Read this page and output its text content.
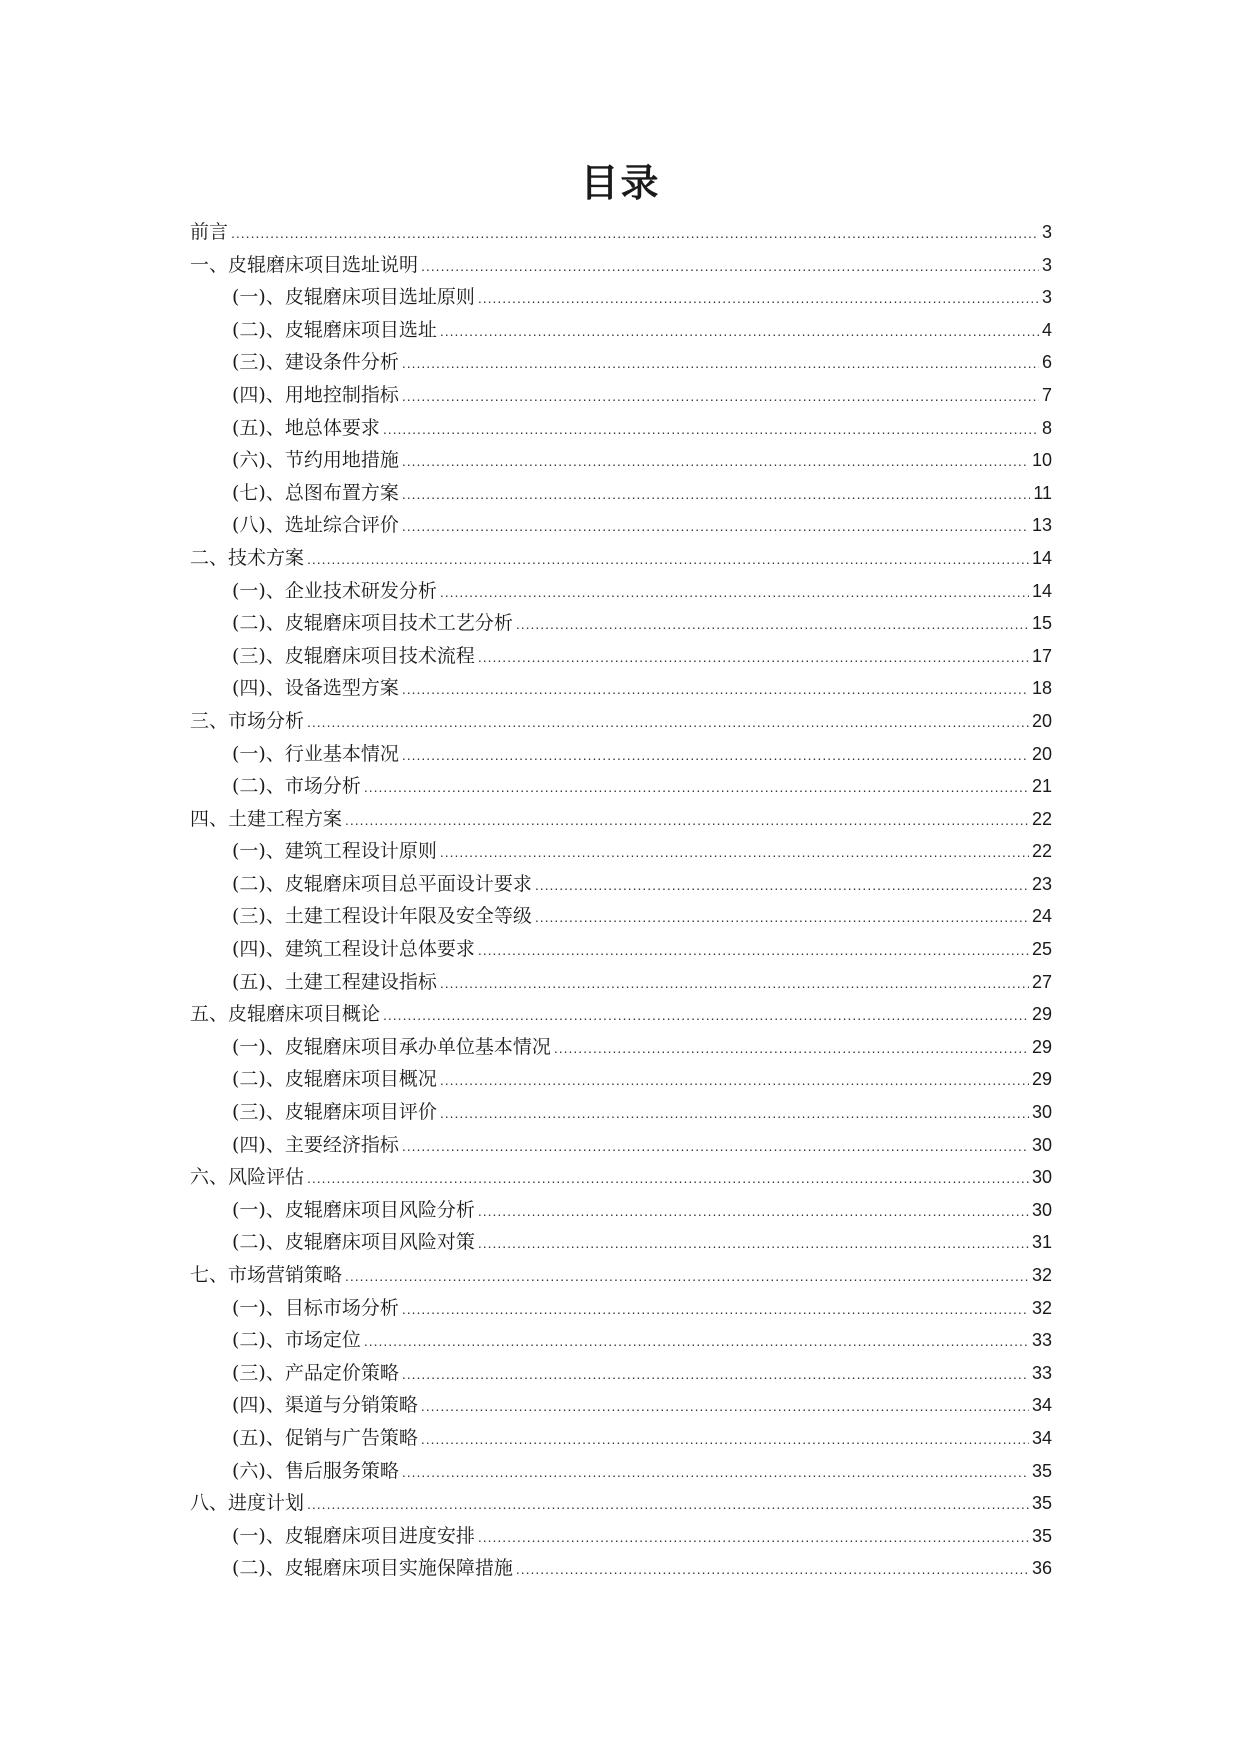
目录
前言 .....	3
一、皮辊磨床项目选址说明 .....	3
(一)、皮辊磨床项目选址原则 .....	3
(二)、皮辊磨床项目选址 .....	4
(三)、建设条件分析 .....	6
(四)、用地控制指标 .....	7
(五)、地总体要求 .....	8
(六)、节约用地措施 .....	10
(七)、总图布置方案 .....	11
(八)、选址综合评价 .....	13
二、技术方案 .....	14
(一)、企业技术研发分析 .....	14
(二)、皮辊磨床项目技术工艺分析 .....	15
(三)、皮辊磨床项目技术流程 .....	17
(四)、设备选型方案 .....	18
三、市场分析 .....	20
(一)、行业基本情况 .....	20
(二)、市场分析 .....	21
四、土建工程方案 .....	22
(一)、建筑工程设计原则 .....	22
(二)、皮辊磨床项目总平面设计要求 .....	23
(三)、土建工程设计年限及安全等级 .....	24
(四)、建筑工程设计总体要求 .....	25
(五)、土建工程建设指标 .....	27
五、皮辊磨床项目概论 .....	29
(一)、皮辊磨床项目承办单位基本情况 .....	29
(二)、皮辊磨床项目概况 .....	29
(三)、皮辊磨床项目评价 .....	30
(四)、主要经济指标 .....	30
六、风险评估 .....	30
(一)、皮辊磨床项目风险分析 .....	30
(二)、皮辊磨床项目风险对策 .....	31
七、市场营销策略 .....	32
(一)、目标市场分析 .....	32
(二)、市场定位 .....	33
(三)、产品定价策略 .....	33
(四)、渠道与分销策略 .....	34
(五)、促销与广告策略 .....	34
(六)、售后服务策略 .....	35
八、进度计划 .....	35
(一)、皮辊磨床项目进度安排 .....	35
(二)、皮辊磨床项目实施保障措施 .....	36
